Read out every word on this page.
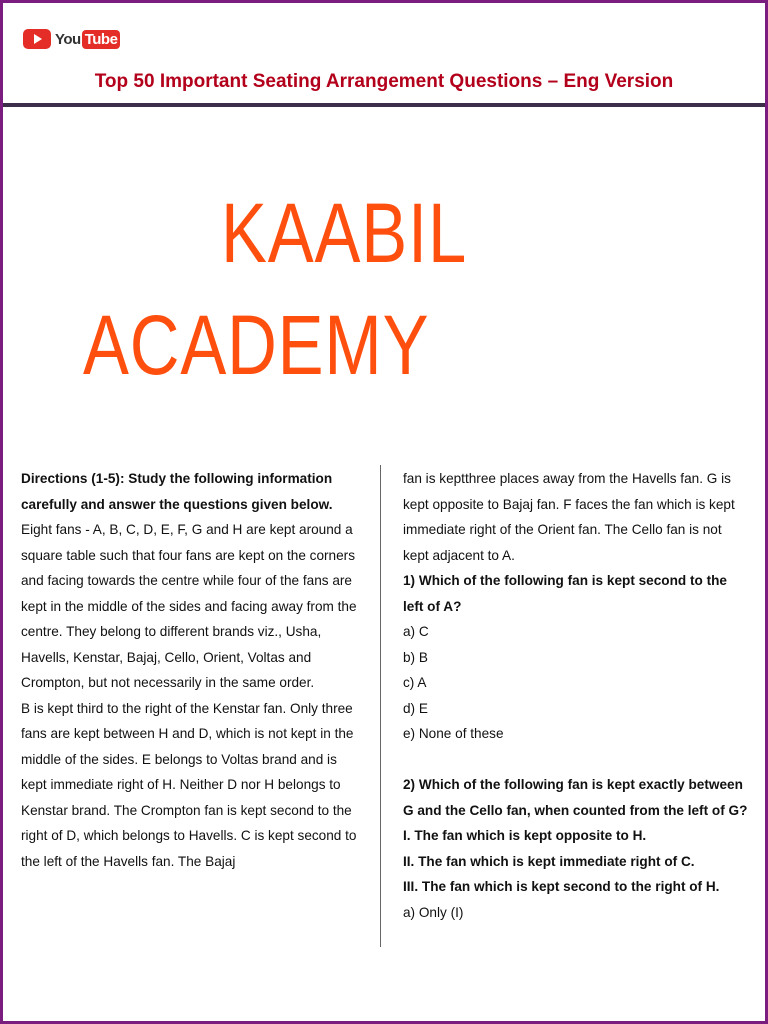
You Tube
Top 50 Important Seating Arrangement Questions – Eng Version
KAABIL
ACADEMY

Directions (1-5): Study the following information carefully and answer the questions given below.

Eight fans - A, B, C, D, E, F, G and H are kept around a square table such that four fans are kept on the corners and facing towards the centre while four of the fans are kept in the middle of the sides and facing away from the centre. They belong to different brands viz., Usha, Havells, Kenstar, Bajaj, Cello, Orient, Voltas and Crompton, but not necessarily in the same order.

B is kept third to the right of the Kenstar fan. Only three fans are kept between H and D, which is not kept in the middle of the sides. E belongs to Voltas brand and is kept immediate right of H. Neither D nor H belongs to Kenstar brand. The Crompton fan is kept second to the right of D, which belongs to Havells. C is kept second to the left of the Havells fan. The Bajaj

fan is keptthree places away from the Havells fan. G is kept opposite to Bajaj fan. F faces the fan which is kept immediate right of the Orient fan. The Cello fan is not kept adjacent to A.

1) Which of the following fan is kept second to the left of A?

a) C

b) B

c) A

d) E

e) None of these

2) Which of the following fan is kept exactly between G and the Cello fan, when counted from the left of G?

I. The fan which is kept opposite to H.

II. The fan which is kept immediate right of C.

III. The fan which is kept second to the right of H.

a) Only (I)
